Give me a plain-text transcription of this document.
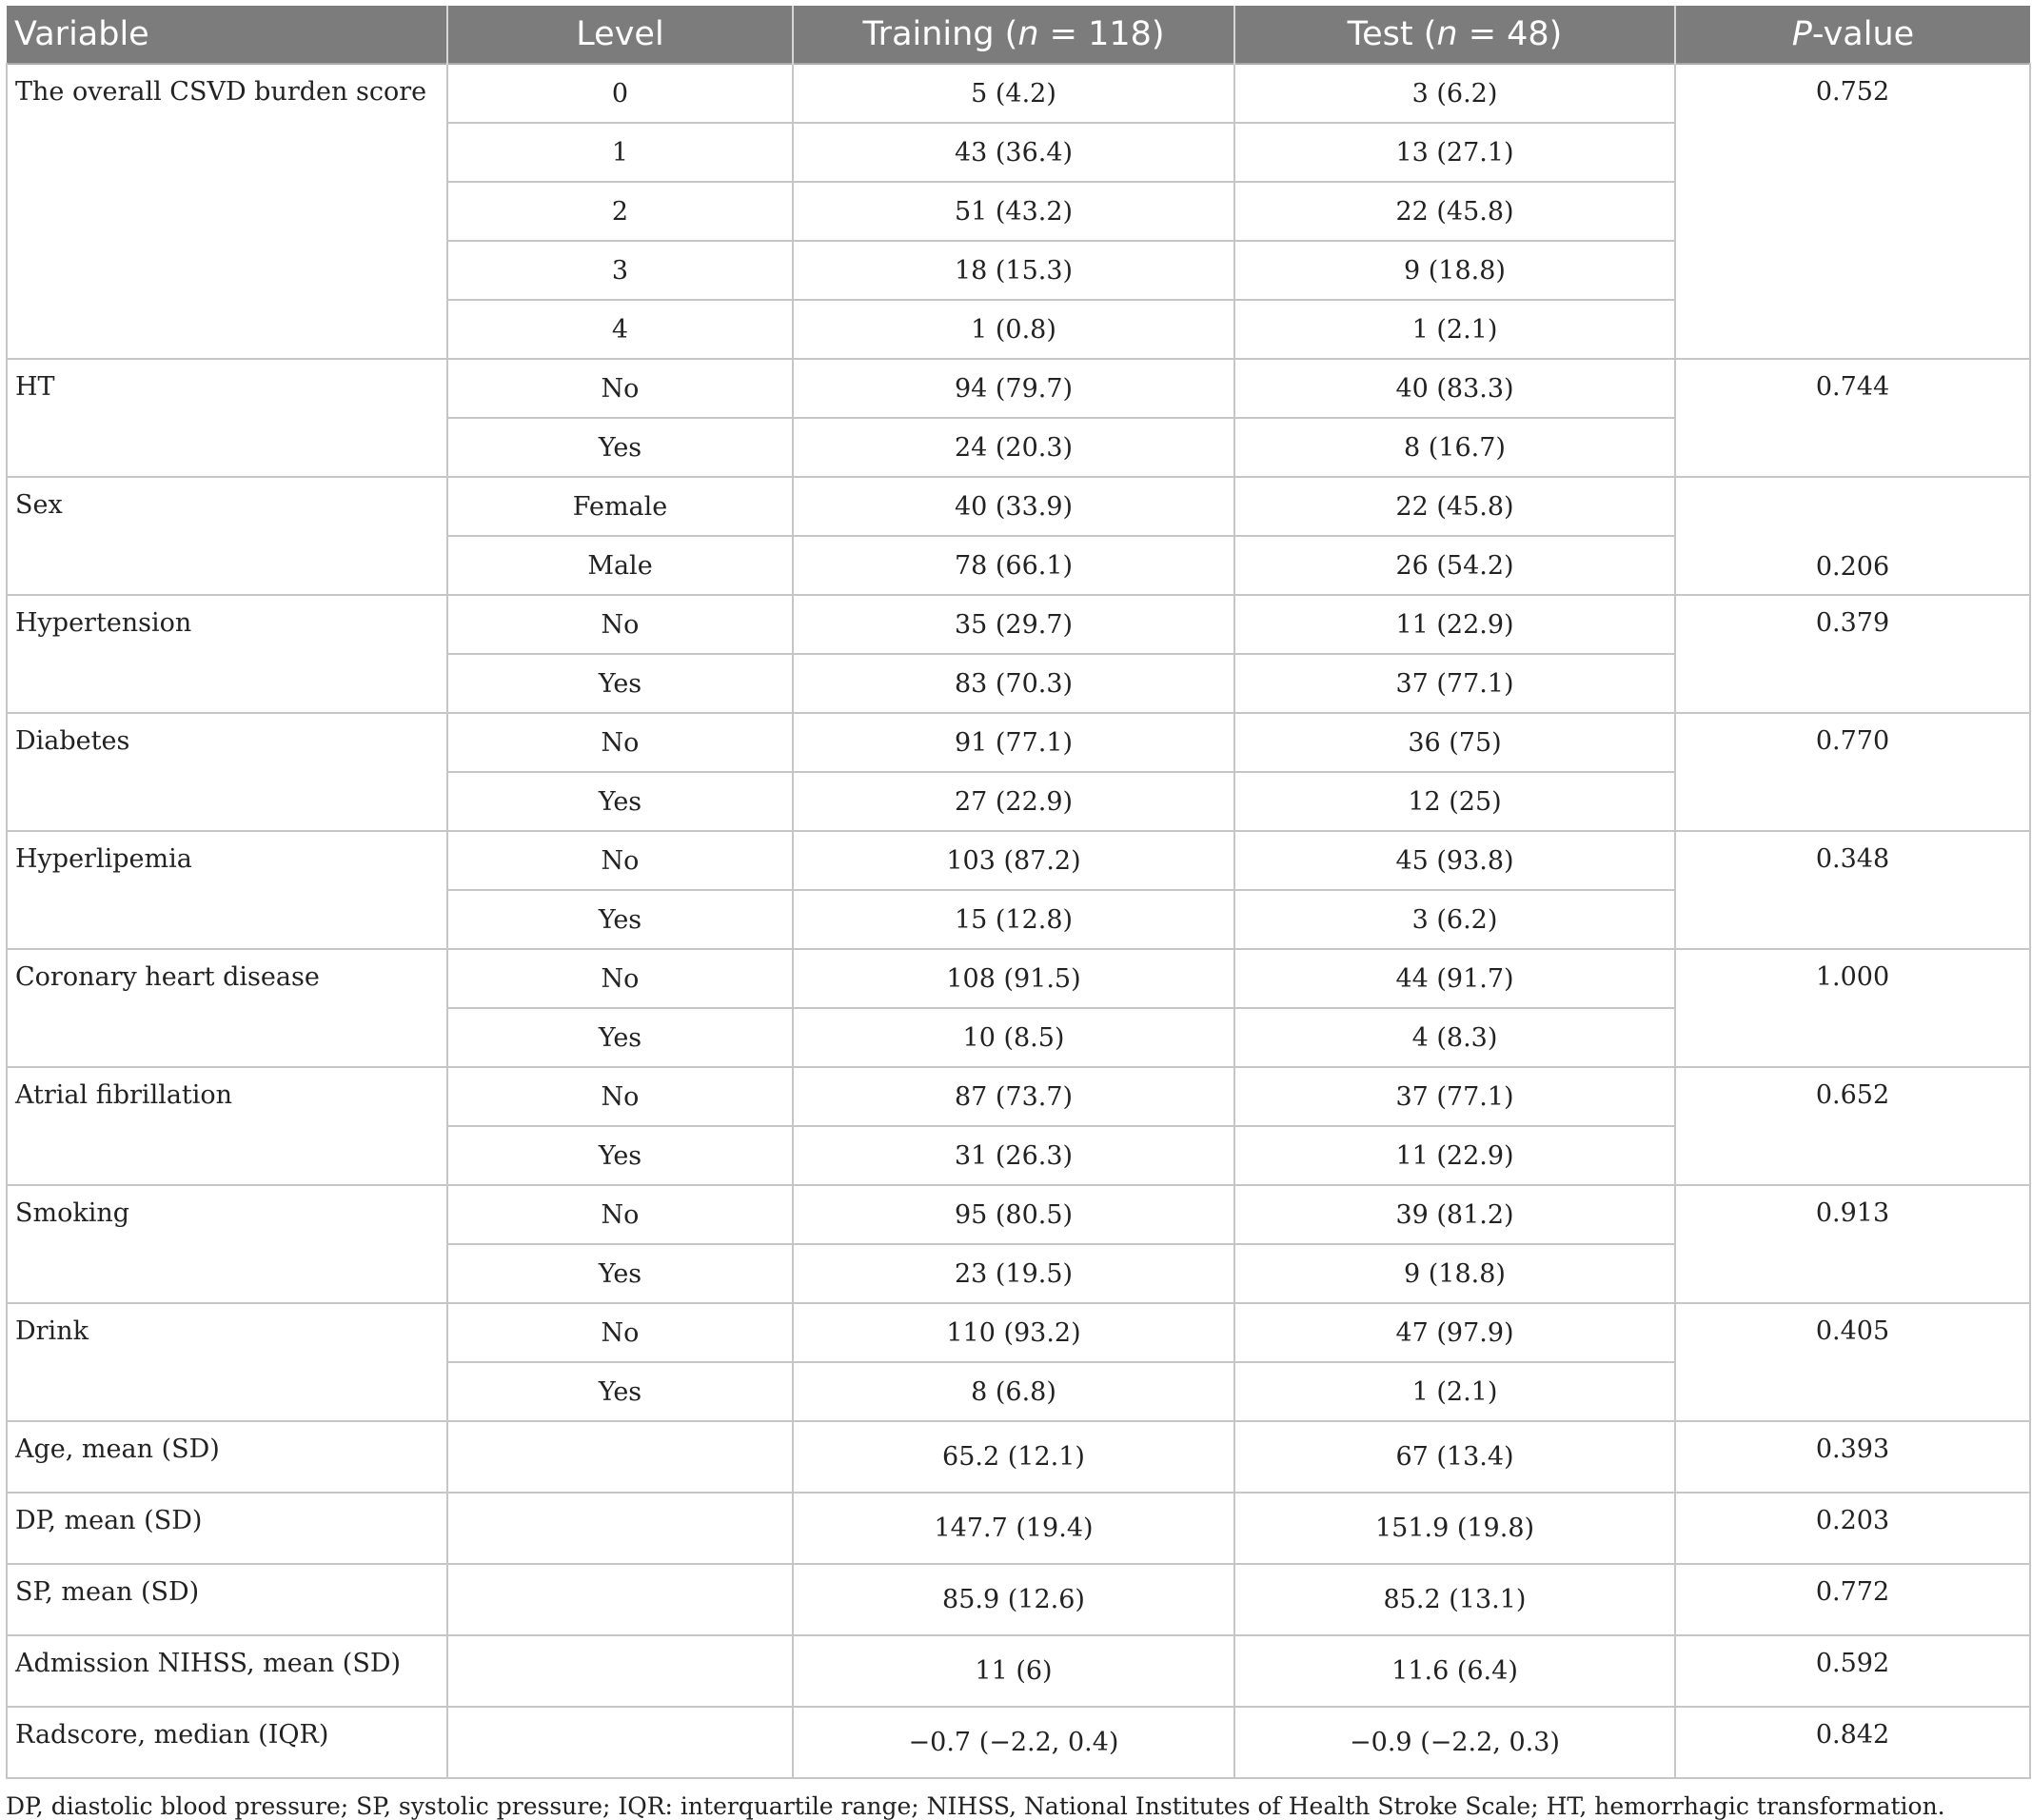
Variable	Level	Training (n = 118)	Test (n = 48)	P-value
The overall CSVD burden score	0	5 (4.2)	3 (6.2)	0.752
	1	43 (36.4)	13 (27.1)	
	2	51 (43.2)	22 (45.8)	
	3	18 (15.3)	9 (18.8)	
	4	1 (0.8)	1 (2.1)	
HT	No	94 (79.7)	40 (83.3)	0.744
	Yes	24 (20.3)	8 (16.7)	
Sex	Female	40 (33.9)	22 (45.8)	0.206
	Male	78 (66.1)	26 (54.2)	
Hypertension	No	35 (29.7)	11 (22.9)	0.379
	Yes	83 (70.3)	37 (77.1)	
Diabetes	No	91 (77.1)	36 (75)	0.770
	Yes	27 (22.9)	12 (25)	
Hyperlipemia	No	103 (87.2)	45 (93.8)	0.348
	Yes	15 (12.8)	3 (6.2)	
Coronary heart disease	No	108 (91.5)	44 (91.7)	1.000
	Yes	10 (8.5)	4 (8.3)	
Atrial fibrillation	No	87 (73.7)	37 (77.1)	0.652
	Yes	31 (26.3)	11 (22.9)	
Smoking	No	95 (80.5)	39 (81.2)	0.913
	Yes	23 (19.5)	9 (18.8)	
Drink	No	110 (93.2)	47 (97.9)	0.405
	Yes	8 (6.8)	1 (2.1)	
Age, mean (SD)		65.2 (12.1)	67 (13.4)	0.393
DP, mean (SD)		147.7 (19.4)	151.9 (19.8)	0.203
SP, mean (SD)		85.9 (12.6)	85.2 (13.1)	0.772
Admission NIHSS, mean (SD)		11 (6)	11.6 (6.4)	0.592
Radscore, median (IQR)		−0.7 (−2.2, 0.4)	−0.9 (−2.2, 0.3)	0.842
DP, diastolic blood pressure; SP, systolic pressure; IQR: interquartile range; NIHSS, National Institutes of Health Stroke Scale; HT, hemorrhagic transformation.
